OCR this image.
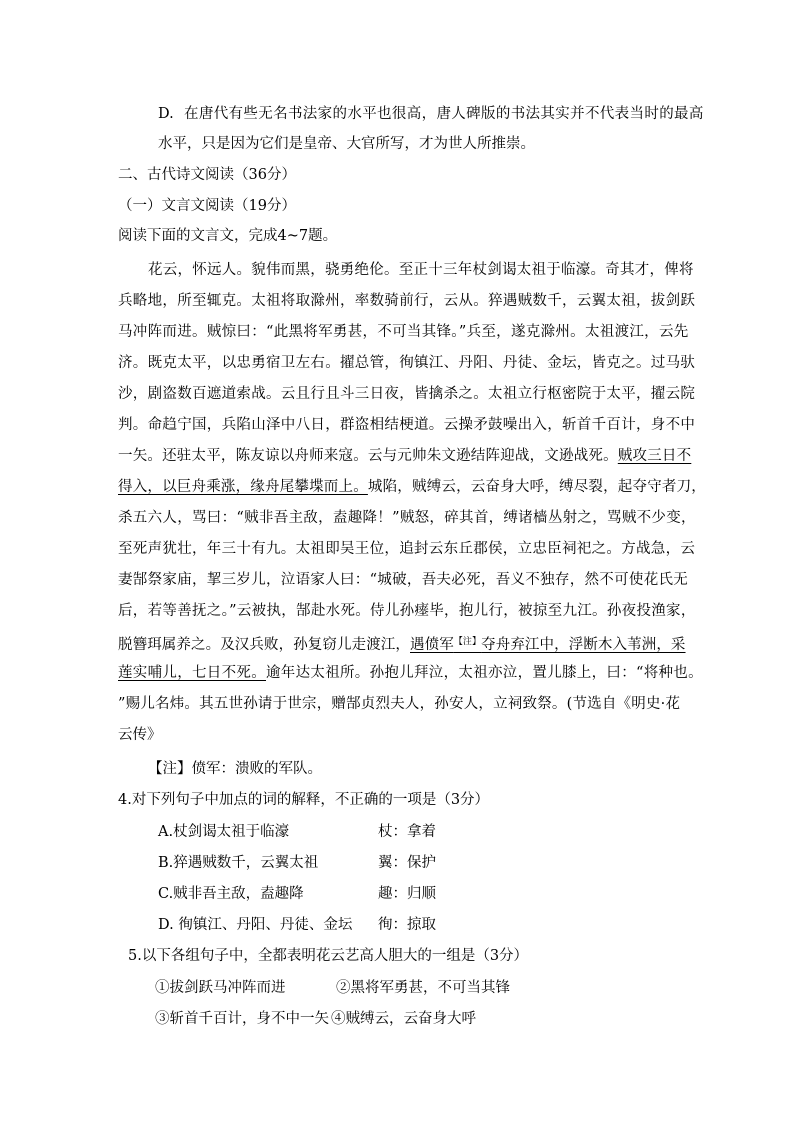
D. 在唐代有些无名书法家的水平也很高，唐人碑版的书法其实并不代表当时的最高
水平，只是因为它们是皇帝、大官所写，才为世人所推崇。
二、古代诗文阅读（36分）
（一）文言文阅读（19分）
阅读下面的文言文，完成4~7题。
花云，怀远人。貌伟而黑，骁勇绝伦。至正十三年杖剑谒太祖于临濠。奇其才，俾将
兵略地，所至辄克。太祖将取滁州，率数骑前行，云从。猝遇贼数千，云翼太祖，拔剑跃
马冲阵而进。贼惊曰：“此黑将军勇甚，不可当其锋。”兵至，遂克滁州。太祖渡江，云先
济。既克太平，以忠勇宿卫左右。擢总管，徇镇江、丹阳、丹徒、金坛，皆克之。过马驮
沙，剧盗数百遮道索战。云且行且斗三日夜，皆擒杀之。太祖立行枢密院于太平，擢云院
判。命趋宁国，兵陷山泽中八日，群盗相结梗道。云操矛鼓噪出入，斩首千百计，身不中
一矢。还驻太平，陈友谅以舟师来寇。云与元帅朱文逊结阵迎战，文逊战死。贼攻三日不
得入，以巨舟乘涨，缘舟尾攀堞而上。城陷，贼缚云，云奋身大呼，缚尽裂，起夺守者刀，
杀五六人，骂曰：“贼非吾主敌，盍趣降！”贼怒，碎其首，缚诸樯丛射之，骂贼不少变，
至死声犹壮，年三十有九。太祖即吴王位，追封云东丘郡侯，立忠臣祠祀之。方战急，云
妻郜祭家庙，挈三岁儿，泣语家人曰：“城破，吾夫必死，吾义不独存，然不可使花氏无
后，若等善抚之。”云被执，郜赴水死。侍儿孙瘗毕，抱儿行，被掠至九江。孙夜投渔家，
脱簪珥属养之。及汉兵败，孙复窃儿走渡江，遇偾军$^{【注】}$夺舟弃江中，浮断木入苇洲，采
莲实哺儿，七日不死。逾年达太祖所。孙抱儿拜泣，太祖亦泣，置儿膝上，曰：“将种也。
”赐儿名炜。其五世孙请于世宗，赠郜贞烈夫人，孙安人，立祠致祭。(节选自《明史·花
云传》
【注】偾军：溃败的军队。
4.对下列句子中加点的词的解释，不正确的一项是（3分）
A.杖剑谒太祖于临濠	杖：拿着
B.猝遇贼数千，云翼太祖	翼：保护
C.贼非吾主敌，盍趣降	趣：归顺
D. 徇镇江、丹阳、丹徒、金坛 徇：掠取
5.以下各组句子中，全都表明花云艺高人胆大的一组是（3分）
①拔剑跃马冲阵而进	②黑将军勇甚，不可当其锋
③斩首千百计，身不中一矢 ④贼缚云，云奋身大呼
